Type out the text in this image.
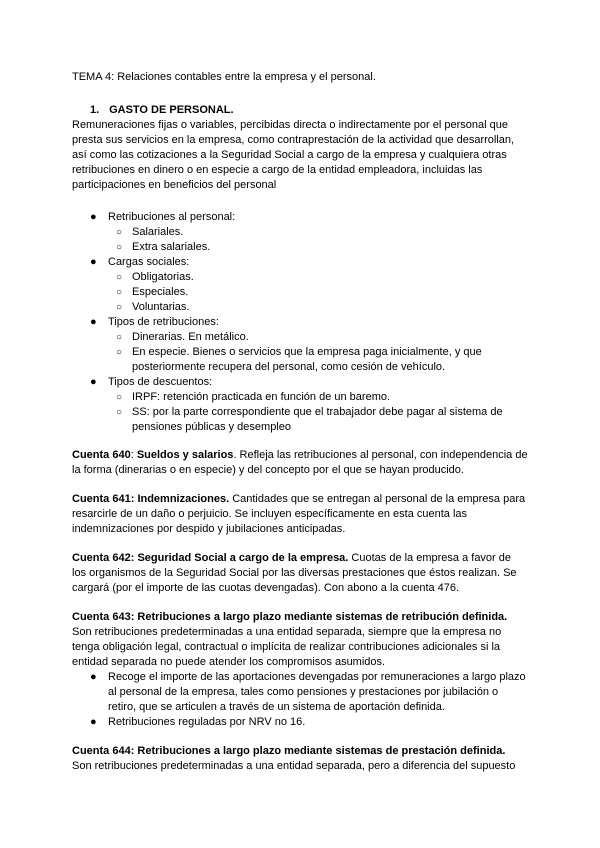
TEMA 4: Relaciones contables entre la empresa y el personal.

1. GASTO DE PERSONAL.

Remuneraciones fijas o variables, percibidas directa o indirectamente por el personal que presta sus servicios en la empresa, como contraprestación de la actividad que desarrollan, así como las cotizaciones a la Seguridad Social a cargo de la empresa y cualquiera otras retribuciones en dinero o en especie a cargo de la entidad empleadora, incluidas las participaciones en beneficios del personal

● Retribuciones al personal:
○ Salariales.
○ Extra salariales.
● Cargas sociales:
○ Obligatorias.
○ Especiales.
○ Voluntarias.
● Tipos de retribuciones:
○ Dinerarias. En metálico.
○ En especie. Bienes o servicios que la empresa paga inicialmente, y que posteriormente recupera del personal, como cesión de vehículo.
● Tipos de descuentos:
○ IRPF: retención practicada en función de un baremo.
○ SS: por la parte correspondiente que el trabajador debe pagar al sistema de pensiones públicas y desempleo

Cuenta 640: Sueldos y salarios. Refleja las retribuciones al personal, con independencia de la forma (dinerarias o en especie) y del concepto por el que se hayan producido.

Cuenta 641: Indemnizaciones. Cantidades que se entregan al personal de la empresa para resarcirle de un daño o perjuicio. Se incluyen específicamente en esta cuenta las indemnizaciones por despido y jubilaciones anticipadas.

Cuenta 642: Seguridad Social a cargo de la empresa. Cuotas de la empresa a favor de los organismos de la Seguridad Social por las diversas prestaciones que éstos realizan. Se cargará (por el importe de las cuotas devengadas). Con abono a la cuenta 476.

Cuenta 643: Retribuciones a largo plazo mediante sistemas de retribución definida.

Son retribuciones predeterminadas a una entidad separada, siempre que la empresa no tenga obligación legal, contractual o implícita de realizar contribuciones adicionales si la entidad separada no puede atender los compromisos asumidos.

● Recoge el importe de las aportaciones devengadas por remuneraciones a largo plazo al personal de la empresa, tales como pensiones y prestaciones por jubilación o retiro, que se articulen a través de un sistema de aportación definida.
● Retribuciones reguladas por NRV no 16.

Cuenta 644: Retribuciones a largo plazo mediante sistemas de prestación definida.

Son retribuciones predeterminadas a una entidad separada, pero a diferencia del supuesto
